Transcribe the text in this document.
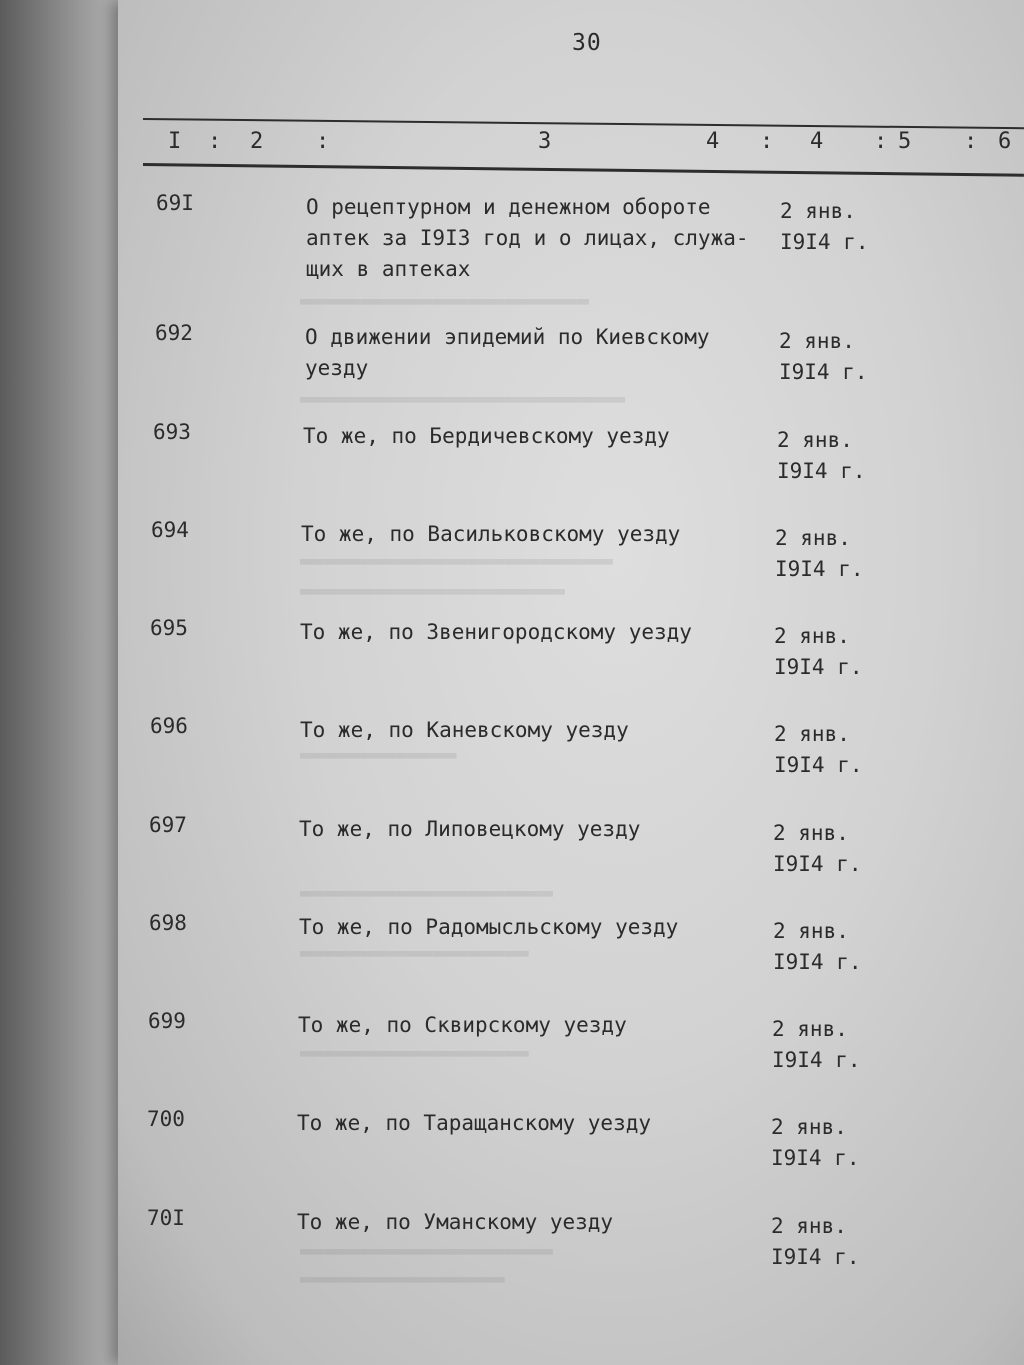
▬▬▬▬▬▬▬▬▬▬▬▬▬▬▬▬▬▬▬▬▬▬▬▬
▬▬▬▬▬▬▬▬▬▬▬▬▬▬▬▬▬▬▬▬▬▬▬▬▬▬▬
▬▬▬▬▬▬▬▬▬▬▬▬▬▬▬▬▬▬▬▬▬▬▬▬▬▬
▬▬▬▬▬▬▬▬▬▬▬▬▬▬▬▬▬▬▬▬▬▬
▬▬▬▬▬▬▬▬▬▬▬▬▬
▬▬▬▬▬▬▬▬▬▬▬▬▬▬▬▬▬▬▬▬▬
▬▬▬▬▬▬▬▬▬▬▬▬▬▬▬▬▬▬▬
▬▬▬▬▬▬▬▬▬▬▬▬▬▬▬▬▬▬▬
▬▬▬▬▬▬▬▬▬▬▬▬▬▬▬▬▬▬▬▬▬
▬▬▬▬▬▬▬▬▬▬▬▬▬▬▬▬▬
30
I : 2 :	3	4 : 4 : 5 : 6
69I	О рецептурном и денежном обороте
аптек за I9I3 год и о лицах, служа-
щих в аптеках
2 янв.
I9I4 г.
692	О движении эпидемий по Киевскому
уезду
2 янв.
I9I4 г.
693	То же, по Бердичевскому уезду	2 янв.
I9I4 г.
694	То же, по Васильковскому уезду	2 янв.
I9I4 г.
695	То же, по Звенигородскому уезду	2 янв.
I9I4 г.
696	То же, по Каневскому уезду	2 янв.
I9I4 г.
697	То же, по Липовецкому уезду	2 янв.
I9I4 г.
698	То же, по Радомысльскому уезду	2 янв.
I9I4 г.
699	То же, по Сквирскому уезду	2 янв.
I9I4 г.
700	То же, по Таращанскому уезду	2 янв.
I9I4 г.
70I	То же, по Уманскому уезду	2 янв.
I9I4 г.
